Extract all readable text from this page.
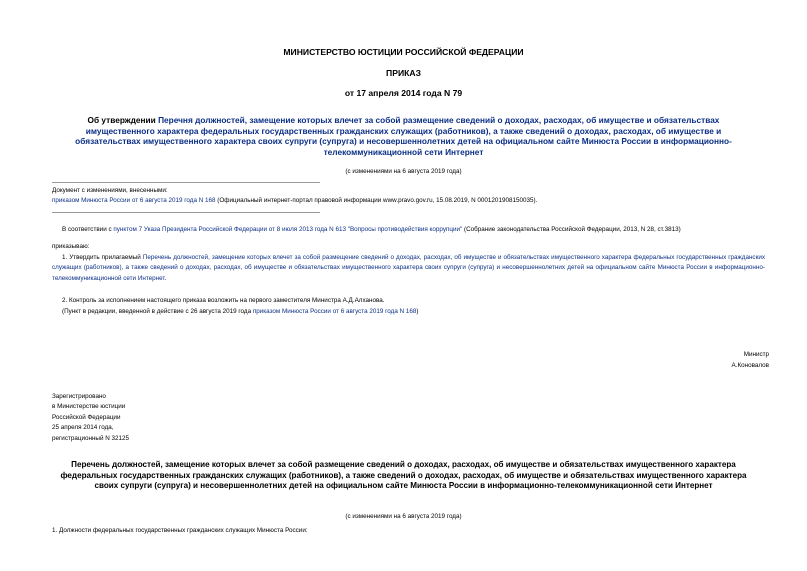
МИНИСТЕРСТВО ЮСТИЦИИ РОССИЙСКОЙ ФЕДЕРАЦИИ
ПРИКАЗ
от 17 апреля 2014 года N 79
Об утверждении Перечня должностей, замещение которых влечет за собой размещение сведений о доходах, расходах, об имуществе и обязательствах имущественного характера федеральных государственных гражданских служащих (работников), а также сведений о доходах, расходах, об имуществе и обязательствах имущественного характера своих супруги (супруга) и несовершеннолетних детей на официальном сайте Минюста России в информационно-телекоммуникационной сети Интернет
(с изменениями на 6 августа 2019 года)
Документ с изменениями, внесенными:
приказом Минюста России от 6 августа 2019 года N 168 (Официальный интернет-портал правовой информации www.pravo.gov.ru, 15.08.2019, N 0001201908150035).
В соответствии с пунктом 7 Указа Президента Российской Федерации от 8 июля 2013 года N 613 "Вопросы противодействия коррупции" (Собрание законодательства Российской Федерации, 2013, N 28, ст.3813)
приказываю:
1. Утвердить прилагаемый Перечень должностей, замещение которых влечет за собой размещение сведений о доходах, расходах, об имуществе и обязательствах имущественного характера федеральных государственных гражданских служащих (работников), а также сведений о доходах, расходах, об имуществе и обязательствах имущественного характера своих супруги (супруга) и несовершеннолетних детей на официальном сайте Минюста России в информационно-телекоммуникационной сети Интернет.
2. Контроль за исполнением настоящего приказа возложить на первого заместителя Министра А.Д.Алханова.
(Пункт в редакции, введенной в действие с 26 августа 2019 года приказом Минюста России от 6 августа 2019 года N 168)
Министр
А.Коновалов
Зарегистрировано
в Министерстве юстиции
Российской Федерации
25 апреля 2014 года,
регистрационный N 32125
Перечень должностей, замещение которых влечет за собой размещение сведений о доходах, расходах, об имуществе и обязательствах имущественного характера федеральных государственных гражданских служащих (работников), а также сведений о доходах, расходах, об имуществе и обязательствах имущественного характера своих супруги (супруга) и несовершеннолетних детей на официальном сайте Минюста России в информационно-телекоммуникационной сети Интернет
(с изменениями на 6 августа 2019 года)
1. Должности федеральных государственных гражданских служащих Минюста России:
